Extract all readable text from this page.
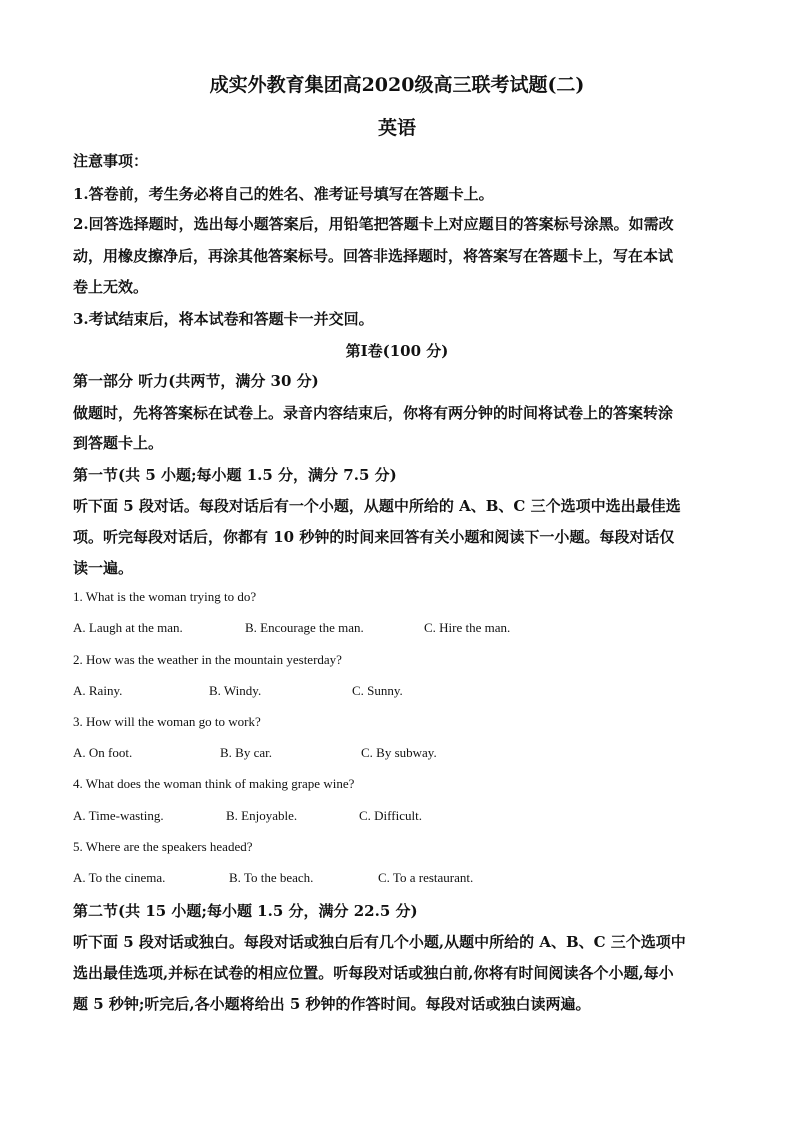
成实外教育集团高2020级高三联考试题(二)
英语
注意事项：
1.答卷前，考生务必将自己的姓名、准考证号填写在答题卡上。
2.回答选择题时，选出每小题答案后，用铅笔把答题卡上对应题目的答案标号涂黑。如需改
动，用橡皮擦净后，再涂其他答案标号。回答非选择题时，将答案写在答题卡上，写在本试
卷上无效。
3.考试结束后，将本试卷和答题卡一并交回。
第Ⅰ卷(100 分)
第一部分 听力(共两节，满分 30 分)
做题时，先将答案标在试卷上。录音内容结束后，你将有两分钟的时间将试卷上的答案转涂
到答题卡上。
第一节(共 5 小题;每小题 1.5 分，满分 7.5 分)
听下面 5 段对话。每段对话后有一个小题，从题中所给的 A、B、C 三个选项中选出最佳选
项。听完每段对话后，你都有 10 秒钟的时间来回答有关小题和阅读下一小题。每段对话仅
读一遍。
1. What is the woman trying to do?
A. Laugh at the man.	B. Encourage the man.	C. Hire the man.
2. How was the weather in the mountain yesterday?
A. Rainy.	B. Windy.	C. Sunny.
3. How will the woman go to work?
A. On foot.	B. By car.	C. By subway.
4. What does the woman think of making grape wine?
A. Time-wasting.	B. Enjoyable.	C. Difficult.
5. Where are the speakers headed?
A. To the cinema.	B. To the beach.	C. To a restaurant.
第二节(共 15 小题;每小题 1.5 分，满分 22.5 分)
听下面 5 段对话或独白。每段对话或独白后有几个小题,从题中所给的 A、B、C 三个选项中
选出最佳选项,并标在试卷的相应位置。听每段对话或独白前,你将有时间阅读各个小题,每小
题 5 秒钟;听完后,各小题将给出 5 秒钟的作答时间。每段对话或独白读两遍。
